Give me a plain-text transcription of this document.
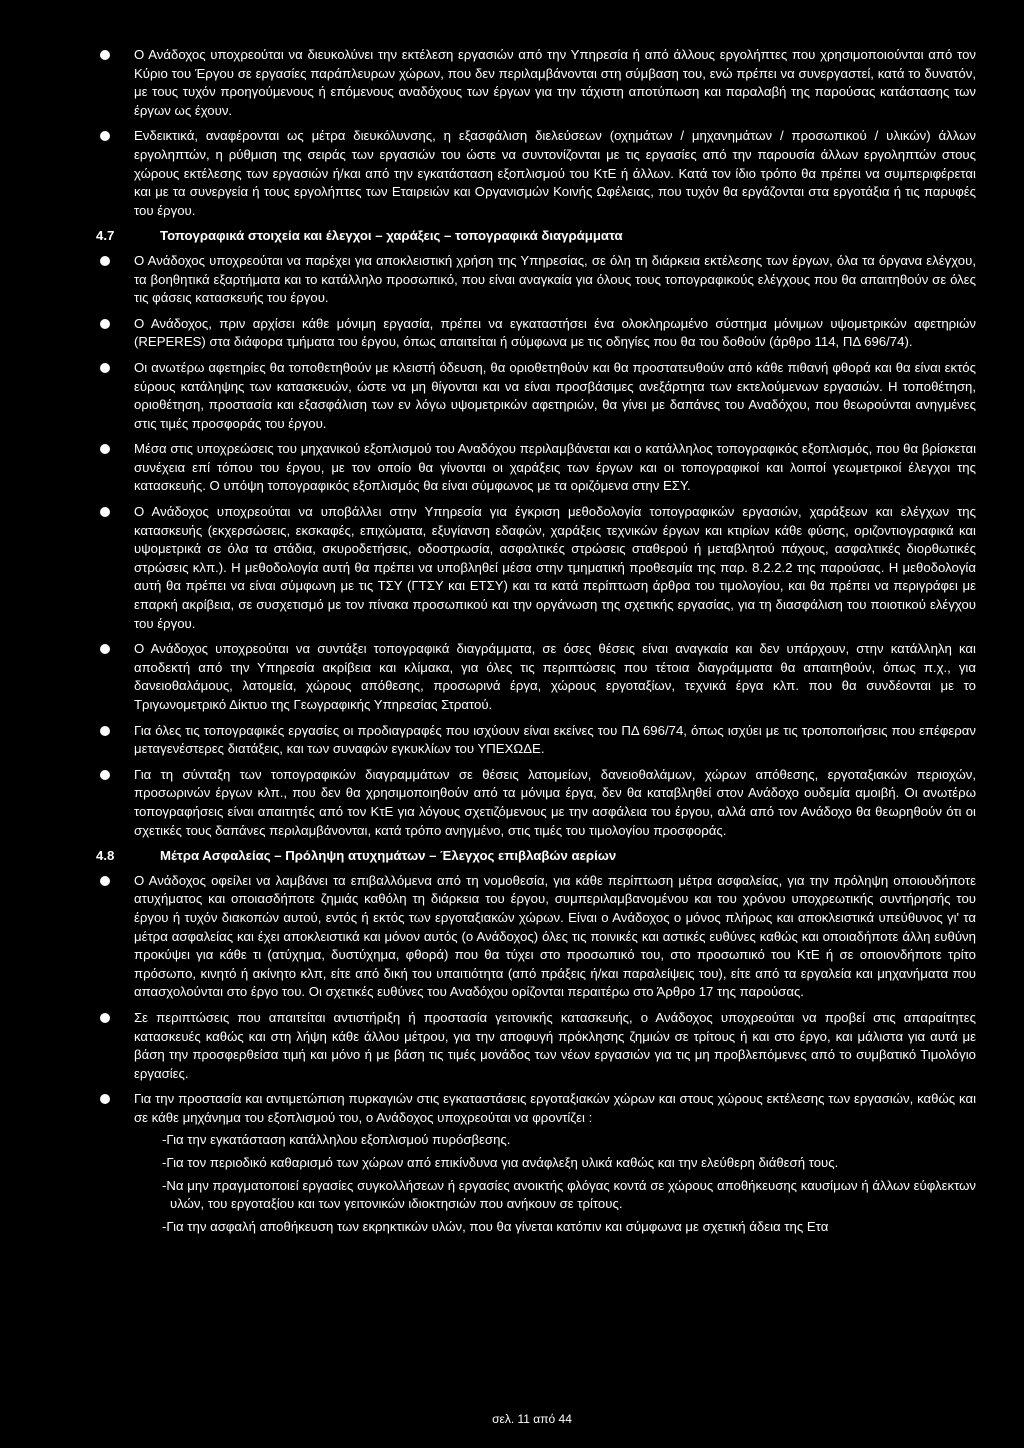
Ο Ανάδοχος υποχρεούται να διευκολύνει την εκτέλεση εργασιών από την Υπηρεσία ή από άλλους εργολήπτες που χρησιμοποιούνται από τον Κύριο του Έργου σε εργασίες παράπλευρων χώρων, που δεν περιλαμβάνονται στη σύμβαση του, ενώ πρέπει να συνεργαστεί, κατά το δυνατόν, με τους τυχόν προηγούμενους ή επόμενους αναδόχους των έργων για την τάχιστη αποτύπωση και παραλαβή της παρούσας κατάστασης των έργων ως έχουν.
Ενδεικτικά, αναφέρονται ως μέτρα διευκόλυνσης, η εξασφάλιση διελεύσεων (οχημάτων / μηχανημάτων / προσωπικού / υλικών) άλλων εργοληπτών, η ρύθμιση της σειράς των εργασιών του ώστε να συντονίζονται με τις εργασίες από την παρουσία άλλων εργοληπτών στους χώρους εκτέλεσης των εργασιών ή/και από την εγκατάσταση εξοπλισμού του ΚτΕ ή άλλων. Κατά τον ίδιο τρόπο θα πρέπει να συμπεριφέρεται και με τα συνεργεία ή τους εργολήπτες των Εταιρειών και Οργανισμών Κοινής Ωφέλειας, που τυχόν θα εργάζονται στα εργοτάξια ή τις παρυφές του έργου.
4.7	Τοπογραφικά στοιχεία και έλεγχοι – χαράξεις – τοπογραφικά διαγράμματα
Ο Ανάδοχος υποχρεούται να παρέχει για αποκλειστική χρήση της Υπηρεσίας, σε όλη τη διάρκεια εκτέλεσης των έργων, όλα τα όργανα ελέγχου, τα βοηθητικά εξαρτήματα και το κατάλληλο προσωπικό, που είναι αναγκαία για όλους τους τοπογραφικούς ελέγχους που θα απαιτηθούν σε όλες τις φάσεις κατασκευής του έργου.
Ο Ανάδοχος, πριν αρχίσει κάθε μόνιμη εργασία, πρέπει να εγκαταστήσει ένα ολοκληρωμένο σύστημα μόνιμων υψομετρικών αφετηριών (REPERES) στα διάφορα τμήματα του έργου, όπως απαιτείται ή σύμφωνα με τις οδηγίες που θα του δοθούν (άρθρο 114, ΠΔ 696/74).
Οι ανωτέρω αφετηρίες θα τοποθετηθούν με κλειστή όδευση, θα οριοθετηθούν και θα προστατευθούν από κάθε πιθανή φθορά και θα είναι εκτός εύρους κατάληψης των κατασκευών, ώστε να μη θίγονται και να είναι προσβάσιμες ανεξάρτητα των εκτελούμενων εργασιών. Η τοποθέτηση, οριοθέτηση, προστασία και εξασφάλιση των εν λόγω υψομετρικών αφετηριών, θα γίνει με δαπάνες του Αναδόχου, που θεωρούνται ανηγμένες στις τιμές προσφοράς του έργου.
Μέσα στις υποχρεώσεις του μηχανικού εξοπλισμού του Αναδόχου περιλαμβάνεται και ο κατάλληλος τοπογραφικός εξοπλισμός, που θα βρίσκεται συνέχεια επί τόπου του έργου, με τον οποίο θα γίνονται οι χαράξεις των έργων και οι τοπογραφικοί και λοιποί γεωμετρικοί έλεγχοι της κατασκευής. Ο υπόψη τοπογραφικός εξοπλισμός θα είναι σύμφωνος με τα οριζόμενα στην ΕΣΥ.
Ο Ανάδοχος υποχρεούται να υποβάλλει στην Υπηρεσία για έγκριση μεθοδολογία τοπογραφικών εργασιών, χαράξεων και ελέγχων της κατασκευής (εκχερσώσεις, εκσκαφές, επιχώματα, εξυγίανση εδαφών, χαράξεις τεχνικών έργων και κτιρίων κάθε φύσης, οριζοντιογραφικά και υψομετρικά σε όλα τα στάδια, σκυροδετήσεις, οδοστρωσία, ασφαλτικές στρώσεις σταθερού ή μεταβλητού πάχους, ασφαλτικές διορθωτικές στρώσεις κλπ.). Η μεθοδολογία αυτή θα πρέπει να υποβληθεί μέσα στην τμηματική προθεσμία της παρ. 8.2.2.2 της παρούσας. Η μεθοδολογία αυτή θα πρέπει να είναι σύμφωνη με τις ΤΣΥ (ΓΤΣΥ και ΕΤΣΥ) και τα κατά περίπτωση άρθρα του τιμολογίου, και θα πρέπει να περιγράφει με επαρκή ακρίβεια, σε συσχετισμό με τον πίνακα προσωπικού και την οργάνωση της σχετικής εργασίας, για τη διασφάλιση του ποιοτικού ελέγχου του έργου.
Ο Ανάδοχος υποχρεούται να συντάξει τοπογραφικά διαγράμματα, σε όσες θέσεις είναι αναγκαία και δεν υπάρχουν, στην κατάλληλη και αποδεκτή από την Υπηρεσία ακρίβεια και κλίμακα, για όλες τις περιπτώσεις που τέτοια διαγράμματα θα απαιτηθούν, όπως π.χ., για δανειοθαλάμους, λατομεία, χώρους απόθεσης, προσωρινά έργα, χώρους εργοταξίων, τεχνικά έργα κλπ. που θα συνδέονται με το Τριγωνομετρικό Δίκτυο της Γεωγραφικής Υπηρεσίας Στρατού.
Για όλες τις τοπογραφικές εργασίες οι προδιαγραφές που ισχύουν είναι εκείνες του ΠΔ 696/74, όπως ισχύει με τις τροποποιήσεις που επέφεραν μεταγενέστερες διατάξεις, και των συναφών εγκυκλίων του ΥΠΕΧΩΔΕ.
Για τη σύνταξη των τοπογραφικών διαγραμμάτων σε θέσεις λατομείων, δανειοθαλάμων, χώρων απόθεσης, εργοταξιακών περιοχών, προσωρινών έργων κλπ., που δεν θα χρησιμοποιηθούν από τα μόνιμα έργα, δεν θα καταβληθεί στον Ανάδοχο ουδεμία αμοιβή. Οι ανωτέρω τοπογραφήσεις είναι απαιτητές από τον ΚτΕ για λόγους σχετιζόμενους με την ασφάλεια του έργου, αλλά από τον Ανάδοχο θα θεωρηθούν ότι οι σχετικές τους δαπάνες περιλαμβάνονται, κατά τρόπο ανηγμένο, στις τιμές του τιμολογίου προσφοράς.
4.8	Μέτρα Ασφαλείας – Πρόληψη ατυχημάτων – Έλεγχος επιβλαβών αερίων
Ο Ανάδοχος οφείλει να λαμβάνει τα επιβαλλόμενα από τη νομοθεσία, για κάθε περίπτωση μέτρα ασφαλείας, για την πρόληψη οποιουδήποτε ατυχήματος και οποιασδήποτε ζημιάς καθόλη τη διάρκεια του έργου, συμπεριλαμβανομένου και του χρόνου υποχρεωτικής συντήρησής του έργου ή τυχόν διακοπών αυτού, εντός ή εκτός των εργοταξιακών χώρων. Είναι ο Ανάδοχος ο μόνος πλήρως και αποκλειστικά υπεύθυνος γι' τα μέτρα ασφαλείας και έχει αποκλειστικά και μόνον αυτός (ο Ανάδοχος) όλες τις ποινικές και αστικές ευθύνες καθώς και οποιαδήποτε άλλη ευθύνη προκύψει για κάθε τι (ατύχημα, δυστύχημα, φθορά) που θα τύχει στο προσωπικό του, στο προσωπικό του ΚτΕ ή σε οποιονδήποτε τρίτο πρόσωπο, κινητό ή ακίνητο κλπ, είτε από δική του υπαιτιότητα (από πράξεις ή/και παραλείψεις του), είτε από τα εργαλεία και μηχανήματα που απασχολούνται στο έργο του. Οι σχετικές ευθύνες του Αναδόχου ορίζονται περαιτέρω στο Άρθρο 17 της παρούσας.
Σε περιπτώσεις που απαιτείται αντιστήριξη ή προστασία γειτονικής κατασκευής, ο Ανάδοχος υποχρεούται να προβεί στις απαραίτητες κατασκευές καθώς και στη λήψη κάθε άλλου μέτρου, για την αποφυγή πρόκλησης ζημιών σε τρίτους ή και στο έργο, και μάλιστα για αυτά με βάση την προσφερθείσα τιμή και μόνο ή με βάση τις τιμές μονάδος των νέων εργασιών για τις μη προβλεπόμενες από το συμβατικό Τιμολόγιο εργασίες.
Για την προστασία και αντιμετώπιση πυρκαγιών στις εγκαταστάσεις εργοταξιακών χώρων και στους χώρους εκτέλεσης των εργασιών, καθώς και σε κάθε μηχάνημα του εξοπλισμού του, ο Ανάδοχος υποχρεούται να φροντίζει :

-Για την εγκατάσταση κατάλληλου εξοπλισμού πυρόσβεσης.

-Για τον περιοδικό καθαρισμό των χώρων από επικίνδυνα για ανάφλεξη υλικά καθώς και την ελεύθερη διάθεσή τους.

-Να μην πραγματοποιεί εργασίες συγκολλήσεων ή εργασίες ανοικτής φλόγας κοντά σε χώρους αποθήκευσης καυσίμων ή άλλων εύφλεκτων υλών, του εργοταξίου και των γειτονικών ιδιοκτησιών που ανήκουν σε τρίτους.

-Για την ασφαλή αποθήκευση των εκρηκτικών υλών, που θα γίνεται κατόπιν και σύμφωνα με σχετική άδεια της Ετα

σελ. 11 από 44
